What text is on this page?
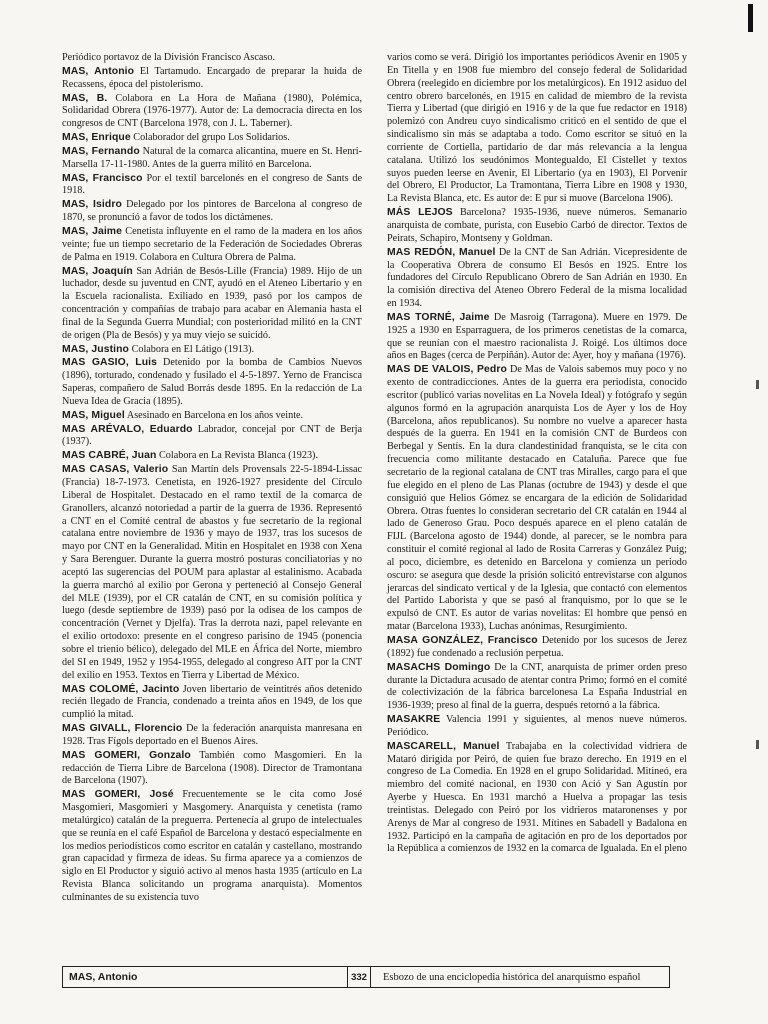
Periódico portavoz de la División Francisco Ascaso.

MAS, Antonio El Tartamudo. Encargado de preparar la huida de Recassens, época del pistolerismo.

MAS, B. Colabora en La Hora de Mañana (1980), Polémica, Solidaridad Obrera (1976-1977). Autor de: La democracia directa en los congresos de CNT (Barcelona 1978, con J. L. Taberner).

MAS, Enrique Colaborador del grupo Los Solidarios.

MAS, Fernando Natural de la comarca alicantina, muere en St. Henri-Marsella 17-11-1980. Antes de la guerra militó en Barcelona.

MAS, Francisco Por el textil barcelonés en el congreso de Sants de 1918.

MAS, Isidro Delegado por los pintores de Barcelona al congreso de 1870, se pronunció a favor de todos los dictámenes.

MAS, Jaime Cenetista influyente en el ramo de la madera en los años veinte; fue un tiempo secretario de la Federación de Sociedades Obreras de Palma en 1919. Colabora en Cultura Obrera de Palma.

MAS, Joaquín San Adrián de Besós-Lille (Francia) 1989. Hijo de un luchador, desde su juventud en CNT, ayudó en el Ateneo Libertario y en la Escuela racionalista. Exiliado en 1939, pasó por los campos de concentración y compañías de trabajo para acabar en Alemania hasta el final de la Segunda Guerra Mundial; con posterioridad militó en la CNT de origen (Pla de Besós) y ya muy viejo se suicidó.

MAS, Justino Colabora en El Látigo (1913).

MAS GASIO, Luis Detenido por la bomba de Cambios Nuevos (1896), torturado, condenado y fusilado el 4-5-1897. Yerno de Francisca Saperas, compañero de Salud Borrás desde 1895. En la redacción de La Nueva Idea de Gracia (1895).

MAS, Miguel Asesinado en Barcelona en los años veinte.

MAS ARÉVALO, Eduardo Labrador, concejal por CNT de Berja (1937).

MAS CABRÉ, Juan Colabora en La Revista Blanca (1923).

MAS CASAS, Valerio San Martín dels Provensals 22-5-1894-Lissac (Francia) 18-7-1973. Cenetista, en 1926-1927 presidente del Círculo Liberal de Hospitalet. Destacado en el ramo textil de la comarca de Granollers, alcanzó notoriedad a partir de la guerra de 1936. Representó a CNT en el Comité central de abastos y fue secretario de la regional catalana entre noviembre de 1936 y mayo de 1937, tras los sucesos de mayo por CNT en la Generalidad. Mitin en Hospitalet en 1938 con Xena y Sara Berenguer. Durante la guerra mostró posturas conciliatorias y no aceptó las sugerencias del POUM para aplastar al estalinismo. Acabada la guerra marchó al exilio por Gerona y perteneció al Consejo General del MLE (1939), por el CR catalán de CNT, en su comisión política y luego (desde septiembre de 1939) pasó por la odisea de los campos de concentración (Vernet y Djelfa). Tras la derrota nazi, papel relevante en el exilio ortodoxo: presente en el congreso parisino de 1945 (ponencia sobre el trienio bélico), delegado del MLE en África del Norte, miembro del SI en 1949, 1952 y 1954-1955, delegado al congreso AIT por la CNT del exilio en 1953. Textos en Tierra y Libertad de México.

MAS COLOMÉ, Jacinto Joven libertario de veintitrés años detenido recién llegado de Francia, condenado a treinta años en 1949, de los que cumplió la mitad.

MAS GIVALL, Florencio De la federación anarquista manresana en 1928. Tras Fígols deportado en el Buenos Aires.

MAS GOMERI, Gonzalo También como Masgomieri. En la redacción de Tierra Libre de Barcelona (1908). Director de Tramontana de Barcelona (1907).

MAS GOMERI, José Frecuentemente se le cita como José Masgomieri, Masgomieri y Masgomery. Anarquista y cenetista (ramo metalúrgico) catalán de la preguerra. Pertenecía al grupo de intelectuales que se reunía en el café Español de Barcelona y destacó especialmente en los medios periodísticos como escritor en catalán y castellano, mostrando gran capacidad y firmeza de ideas. Su firma aparece ya a comienzos de siglo en El Productor y siguió activo al menos hasta 1935 (artículo en La Revista Blanca solicitando un programa anarquista). Momentos culminantes de su existencia tuvo

varios como se verá. Dirigió los importantes periódicos Avenir en 1905 y En Titella y en 1908 fue miembro del consejo federal de Solidaridad Obrera (reelegido en diciembre por los metalúrgicos). En 1912 asiduo del centro obrero barcelonés, en 1915 en calidad de miembro de la revista Tierra y Libertad (que dirigió en 1916 y de la que fue redactor en 1918) polemizó con Andreu cuyo sindicalismo criticó en el sentido de que el sindicalismo sin más se adaptaba a todo. Como escritor se situó en la corriente de Cortiella, partidario de dar más relevancia a la lengua catalana. Utilizó los seudónimos Montegualdo, El Cistellet y textos suyos pueden leerse en Avenir, El Libertario (ya en 1903), El Porvenir del Obrero, El Productor, La Tramontana, Tierra Libre en 1908 y 1930, La Revista Blanca, etc. Es autor de: E pur si muove (Barcelona 1906).

MÁS LEJOS Barcelona? 1935-1936, nueve números. Semanario anarquista de combate, purista, con Eusebio Carbó de director. Textos de Peirats, Schapiro, Montseny y Goldman.

MAS REDÓN, Manuel De la CNT de San Adrián. Vicepresidente de la Cooperativa Obrera de consumo El Besós en 1925. Entre los fundadores del Círculo Republicano Obrero de San Adrián en 1930. En la comisión directiva del Ateneo Obrero Federal de la misma localidad en 1934.

MAS TORNÉ, Jaime De Masroig (Tarragona). Muere en 1979. De 1925 a 1930 en Esparraguera, de los primeros cenetistas de la comarca, que se reunían con el maestro racionalista J. Roigé. Los últimos doce años en Bages (cerca de Perpiñán). Autor de: Ayer, hoy y mañana (1976).

MAS DE VALOIS, Pedro De Mas de Valois sabemos muy poco y no exento de contradicciones. Antes de la guerra era periodista, conocido escritor (publicó varias novelitas en La Novela Ideal) y fotógrafo y según algunos formó en la agrupación anarquista Los de Ayer y los de Hoy (Barcelona, años republicanos). Su nombre no vuelve a aparecer hasta después de la guerra. En 1941 en la comisión CNT de Burdeos con Berbegal y Sentís. En la dura clandestinidad franquista, se le cita con frecuencia como militante destacado en Cataluña. Parece que fue secretario de la regional catalana de CNT tras Miralles, cargo para el que fue elegido en el pleno de Las Planas (octubre de 1943) y desde el que consiguió que Helios Gómez se encargara de la edición de Solidaridad Obrera. Otras fuentes lo consideran secretario del CR catalán en 1944 al lado de Generoso Grau. Poco después aparece en el pleno catalán de FIJL (Barcelona agosto de 1944) donde, al parecer, se le nombra para constituir el comité regional al lado de Rosita Carreras y González Puig; al poco, diciembre, es detenido en Barcelona y comienza un periodo oscuro: se asegura que desde la prisión solicitó entrevistarse con algunos jerarcas del sindicato vertical y de la Iglesia, que contactó con elementos del Partido Laborista y que se pasó al franquismo, por lo que se le expulsó de CNT. Es autor de varias novelitas: El hombre que pensó en matar (Barcelona 1933), Luchas anónimas, Resurgimiento.

MASA GONZÁLEZ, Francisco Detenido por los sucesos de Jerez (1892) fue condenado a reclusión perpetua.

MASACHS Domingo De la CNT, anarquista de primer orden preso durante la Dictadura acusado de atentar contra Primo; formó en el comité de colectivización de la fábrica barcelonesa La España Industrial en 1936-1939; preso al final de la guerra, después retornó a la fábrica.

MASAKRE Valencia 1991 y siguientes, al menos nueve números. Periódico.

MASCARELL, Manuel Trabajaba en la colectividad vidriera de Mataró dirigida por Peiró, de quien fue brazo derecho. En 1919 en el congreso de La Comedia. En 1928 en el grupo Solidaridad. Mitineó, era miembro del comité nacional, en 1930 con Ació y San Agustín por Ayerbe y Huesca. En 1931 marchó a Huelva a propagar las tesis treintistas. Delegado con Peiró por los vidrieros mataronenses y por Arenys de Mar al congreso de 1931. Mítines en Sabadell y Badalona en 1932. Participó en la campaña de agitación en pro de los deportados por la República a comienzos de 1932 en la comarca de Igualada. En el pleno

MAS, Antonio	332	Esbozo de una enciclopedia histórica del anarquismo español
